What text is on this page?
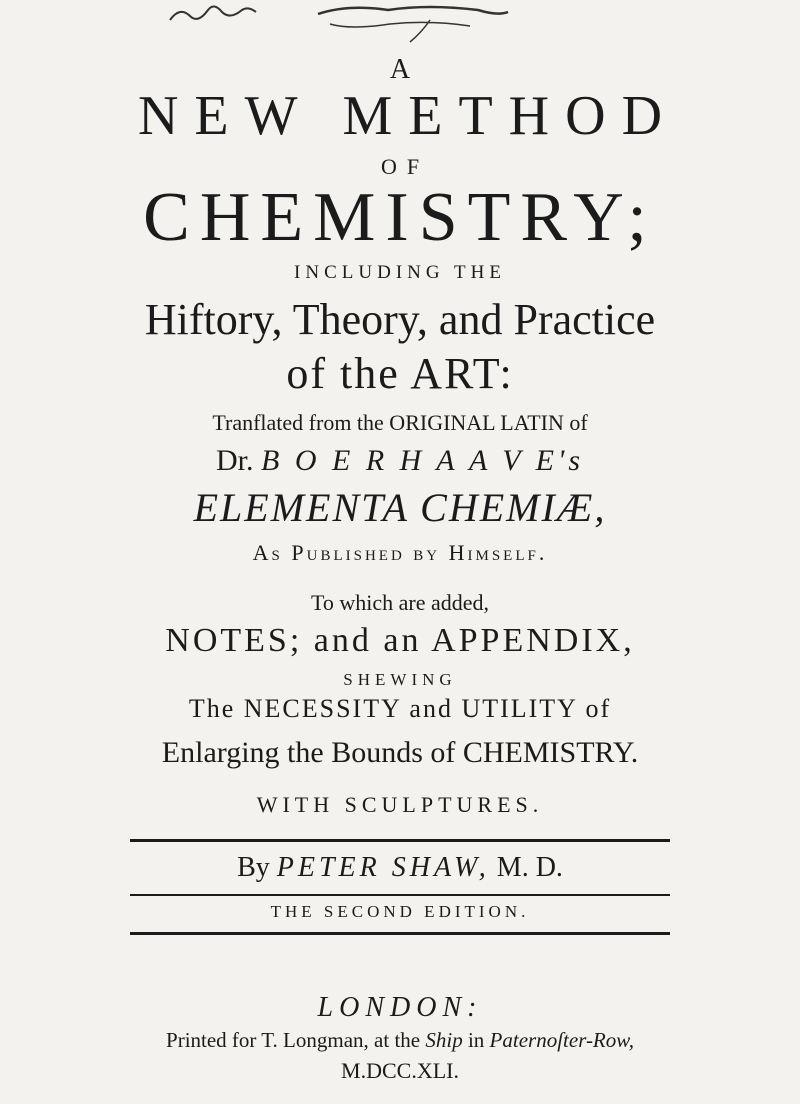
A
NEW METHOD
OF
CHEMISTRY;
INCLUDING THE
Hiftory, Theory, and Practice
of the ART:
Tranflated from the ORIGINAL LATIN of
Dr. B O E R H A A V E's
ELEMENTA CHEMIÆ,
As Published by Himself.
To which are added,
NOTES; and an APPENDIX,
SHEWING
The NECESSITY and UTILITY of
Enlarging the Bounds of CHEMISTRY.
WITH SCULPTURES.
By PETER SHAW, M. D.
THE SECOND EDITION.
LONDON:
Printed for T. Longman, at the Ship in Paternoſter-Row,
M.DCC.XLI.
